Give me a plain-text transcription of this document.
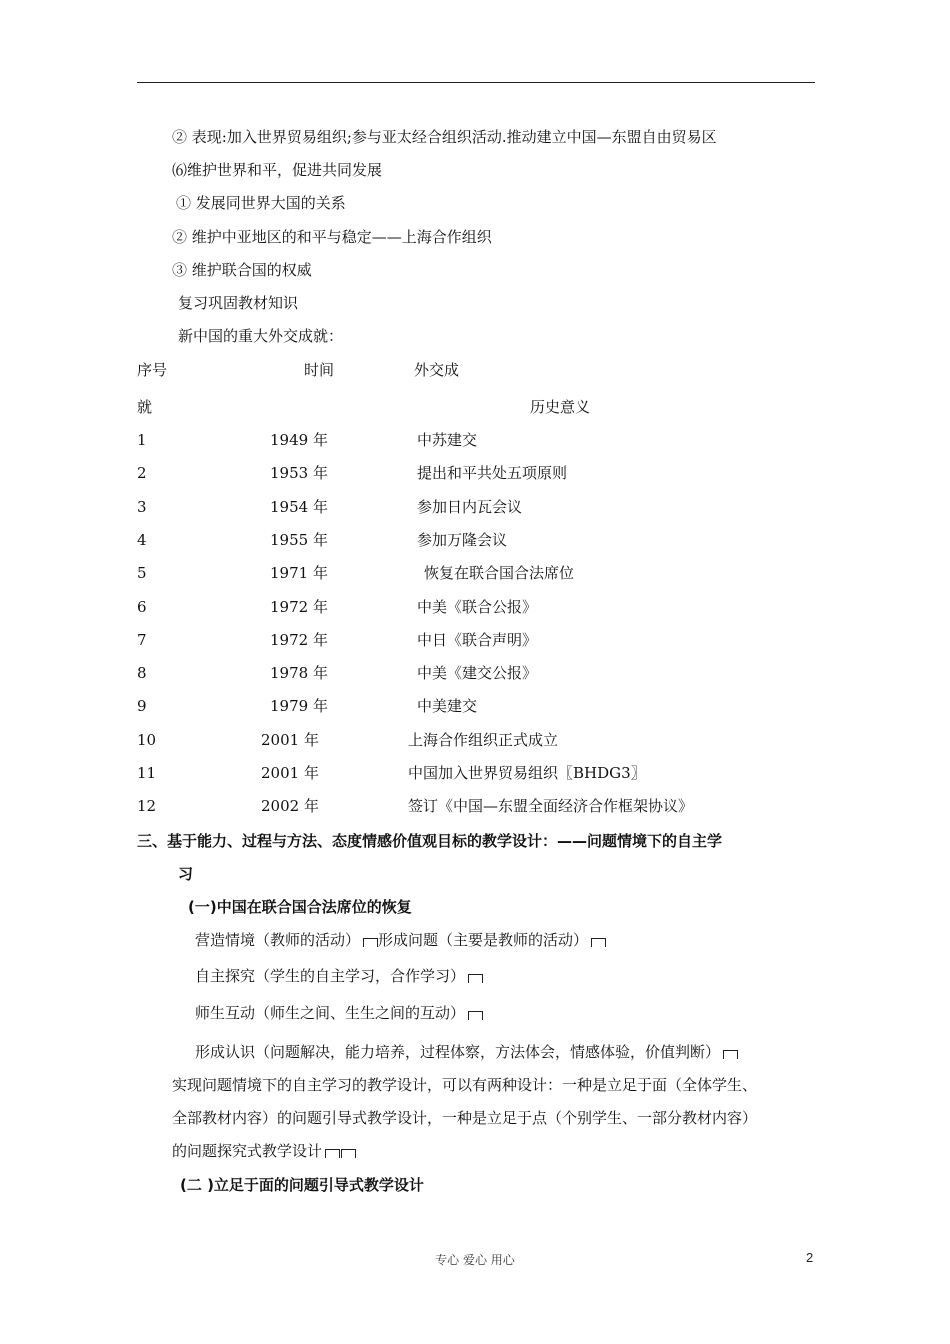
② 表现:加入世界贸易组织;参与亚太经合组织活动.推动建立中国—东盟自由贸易区
⑹维护世界和平，促进共同发展
① 发展同世界大国的关系
② 维护中亚地区的和平与稳定——上海合作组织
③ 维护联合国的权威
复习巩固教材知识
新中国的重大外交成就：
序号	时间	外交成
就	历史意义
1	1949 年	中苏建交
2	1953 年	提出和平共处五项原则
3	1954 年	参加日内瓦会议
4	1955 年	参加万隆会议
5	1971 年	恢复在联合国合法席位
6	1972 年	中美《联合公报》
7	1972 年	中日《联合声明》
8	1978 年	中美《建交公报》
9	1979 年	中美建交
10	2001 年	上海合作组织正式成立
11	2001 年	中国加入世界贸易组织〖BHDG3〗
12	2002 年	签订《中国—东盟全面经济合作框架协议》
三、基于能力、过程与方法、态度情感价值观目标的教学设计：——问题情境下的自主学
习
(一)中国在联合国合法席位的恢复
营造情境（教师的活动） 形成问题（主要是教师的活动）
自主探究（学生的自主学习，合作学习）
师生互动（师生之间、生生之间的互动）
形成认识（问题解决，能力培养，过程体察，方法体会，情感体验，价值判断）
实现问题情境下的自主学习的教学设计，可以有两种设计：一种是立足于面（全体学生、
全部教材内容）的问题引导式教学设计，一种是立足于点（个别学生、一部分教材内容）
的问题探究式教学设计
(二 )立足于面的问题引导式教学设计
专心 爱心 用心	2
